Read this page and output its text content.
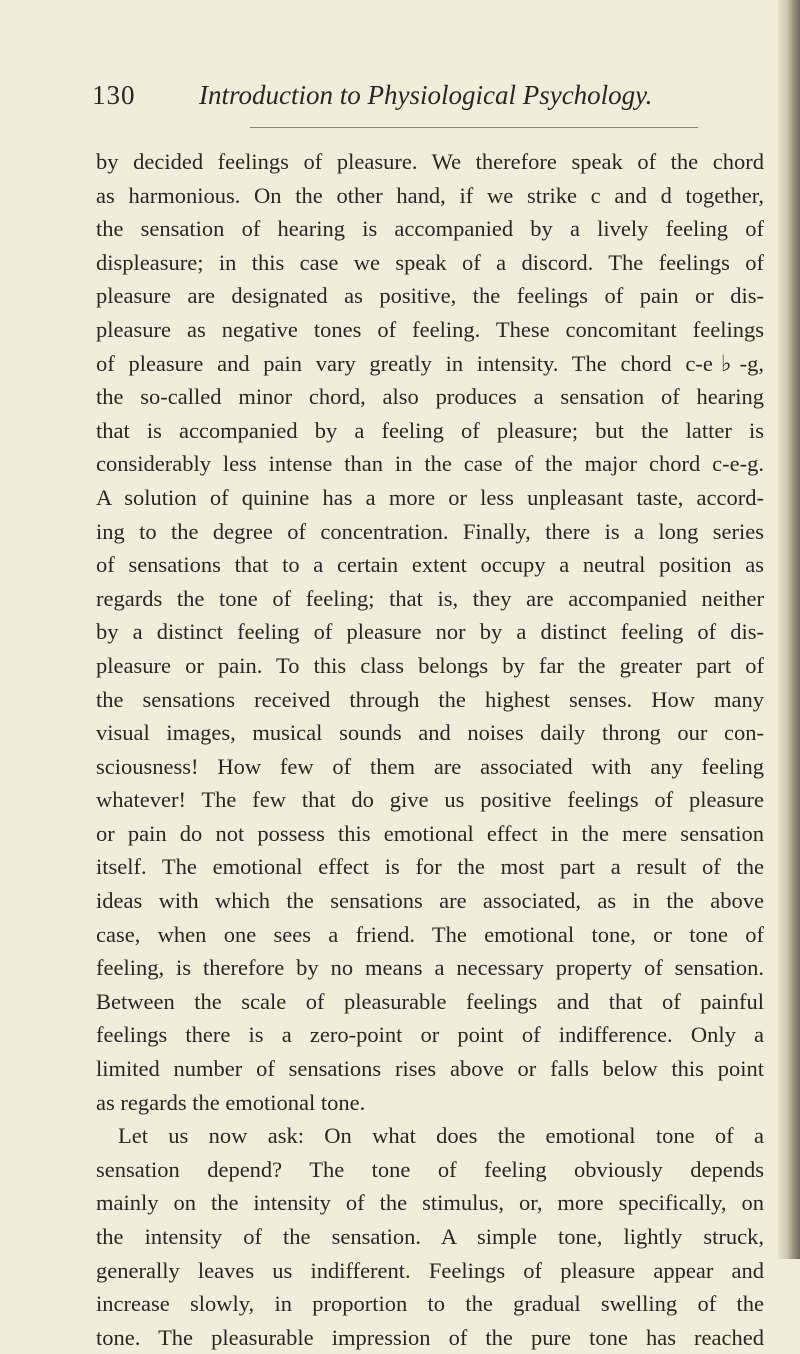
130 Introduction to Physiological Psychology.
by decided feelings of pleasure. We therefore speak of the chord
as harmonious. On the other hand, if we strike c and d together,
the sensation of hearing is accompanied by a lively feeling of
displeasure; in this case we speak of a discord. The feelings of
pleasure are designated as positive, the feelings of pain or dis-
pleasure as negative tones of feeling. These concomitant feelings
of pleasure and pain vary greatly in intensity. The chord c-e♭-g,
the so-called minor chord, also produces a sensation of hearing
that is accompanied by a feeling of pleasure; but the latter is
considerably less intense than in the case of the major chord c-e-g.
A solution of quinine has a more or less unpleasant taste, accord-
ing to the degree of concentration. Finally, there is a long series
of sensations that to a certain extent occupy a neutral position as
regards the tone of feeling; that is, they are accompanied neither
by a distinct feeling of pleasure nor by a distinct feeling of dis-
pleasure or pain. To this class belongs by far the greater part of
the sensations received through the highest senses. How many
visual images, musical sounds and noises daily throng our con-
sciousness! How few of them are associated with any feeling
whatever! The few that do give us positive feelings of pleasure
or pain do not possess this emotional effect in the mere sensation
itself. The emotional effect is for the most part a result of the
ideas with which the sensations are associated, as in the above
case, when one sees a friend. The emotional tone, or tone of
feeling, is therefore by no means a necessary property of sensation.
Between the scale of pleasurable feelings and that of painful
feelings there is a zero-point or point of indifference. Only a
limited number of sensations rises above or falls below this point
as regards the emotional tone.
Let us now ask: On what does the emotional tone of a
sensation depend? The tone of feeling obviously depends
mainly on the intensity of the stimulus, or, more specifically, on
the intensity of the sensation. A simple tone, lightly struck,
generally leaves us indifferent. Feelings of pleasure appear and
increase slowly, in proportion to the gradual swelling of the
tone. The pleasurable impression of the pure tone has reached
